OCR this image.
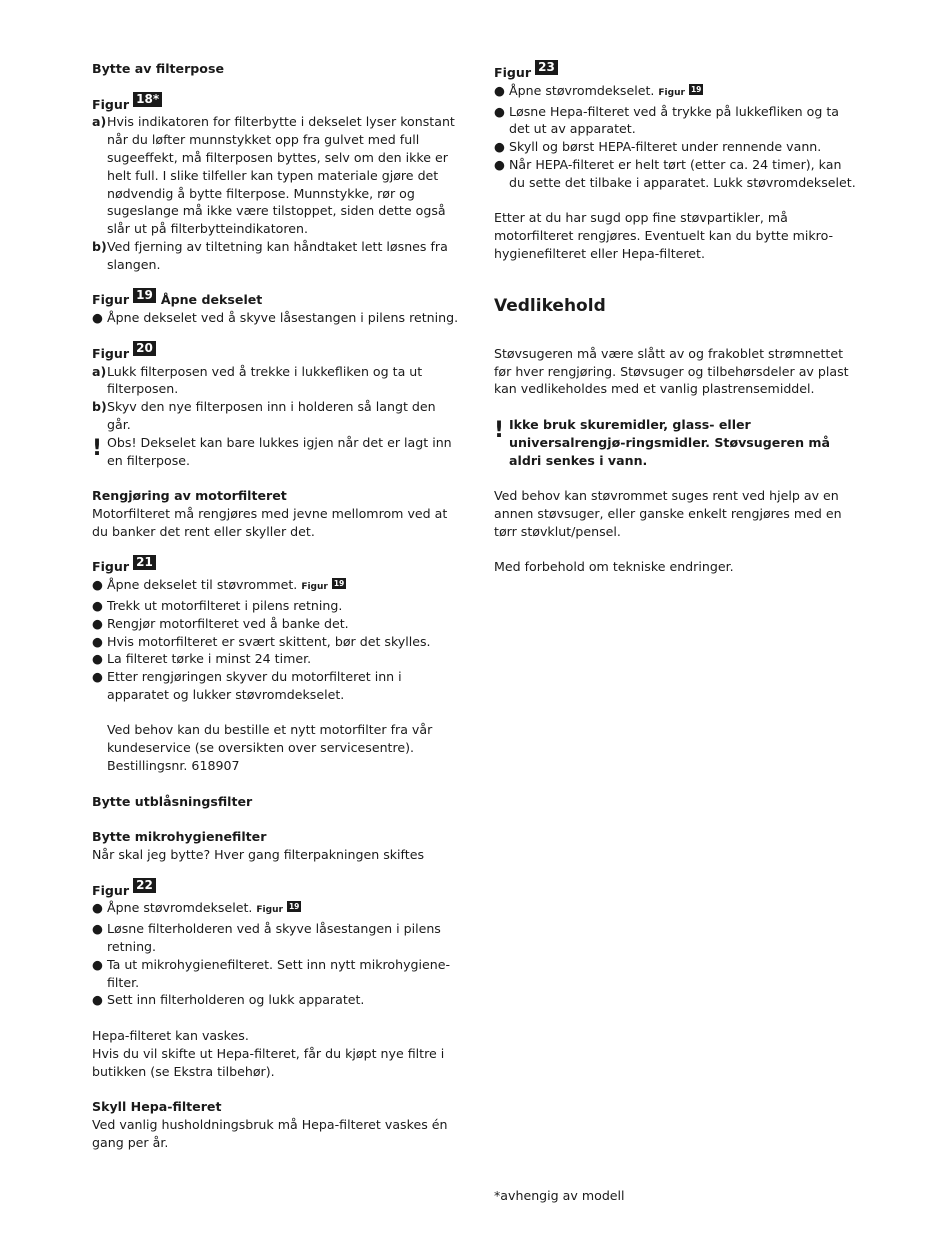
Bytte av filterpose

Figur 18*
a) Hvis indikatoren for filterbytte i dekselet lyser konstant når du løfter munnstykket opp fra gulvet med full sugeeffekt, må filterposen byttes, selv om den ikke er helt full. I slike tilfeller kan typen materiale gjøre det nødvendig å bytte filterpose. Munnstykke, rør og sugeslange må ikke være tilstoppet, siden dette også slår ut på filterbytteindikatoren.
b) Ved fjerning av tiltetning kan håndtaket lett løsnes fra slangen.
Figur 19 Åpne dekselet
● Åpne dekselet ved å skyve låsestangen i pilens retning.
Figur 20
a) Lukk filterposen ved å trekke i lukkefliken og ta ut filterposen.
b) Skyv den nye filterposen inn i holderen så langt den går.
! Obs! Dekselet kan bare lukkes igjen når det er lagt inn en filterpose.

Rengjøring av motorfilteret

Motorfilteret må rengjøres med jevne mellomrom ved at du banker det rent eller skyller det.

Figur 21
● Åpne dekselet til støvrommet. Figur 19
● Trekk ut motorfilteret i pilens retning.
● Rengjør motorfilteret ved å banke det.
● Hvis motorfilteret er svært skittent, bør det skylles.
● La filteret tørke i minst 24 timer.
● Etter rengjøringen skyver du motorfilteret inn i apparatet og lukker støvromdekselet.

Ved behov kan du bestille et nytt motorfilter fra vår kundeservice (se oversikten over servicesentre). Bestillingsnr. 618907

Bytte utblåsningsfilter

Bytte mikrohygienefilter

Når skal jeg bytte? Hver gang filterpakningen skiftes

Figur 22
● Åpne støvromdekselet. Figur 19
● Løsne filterholderen ved å skyve låsestangen i pilens retning.
● Ta ut mikrohygienefilteret. Sett inn nytt mikrohygiene-filter.
● Sett inn filterholderen og lukk apparatet.

Hepa-filteret kan vaskes.

Hvis du vil skifte ut Hepa-filteret, får du kjøpt nye filtre i butikken (se Ekstra tilbehør).

Skyll Hepa-filteret

Ved vanlig husholdningsbruk må Hepa-filteret vaskes én gang per år.

Figur 23
● Åpne støvromdekselet. Figur 19
● Løsne Hepa-filteret ved å trykke på lukkefliken og ta det ut av apparatet.
● Skyll og børst HEPA-filteret under rennende vann.
● Når HEPA-filteret er helt tørt (etter ca. 24 timer), kan du sette det tilbake i apparatet. Lukk støvromdekselet.

Etter at du har sugd opp fine støvpartikler, må motorfilteret rengjøres. Eventuelt kan du bytte mikro-hygienefilteret eller Hepa-filteret.

Vedlikehold

Støvsugeren må være slått av og frakoblet strømnettet før hver rengjøring. Støvsuger og tilbehørsdeler av plast kan vedlikeholdes med et vanlig plastrensemiddel.

! Ikke bruk skuremidler, glass- eller universalrengjø-ringsmidler. Støvsugeren må aldri senkes i vann.

Ved behov kan støvrommet suges rent ved hjelp av en annen støvsuger, eller ganske enkelt rengjøres med en tørr støvklut/pensel.

Med forbehold om tekniske endringer.

*avhengig av modell
